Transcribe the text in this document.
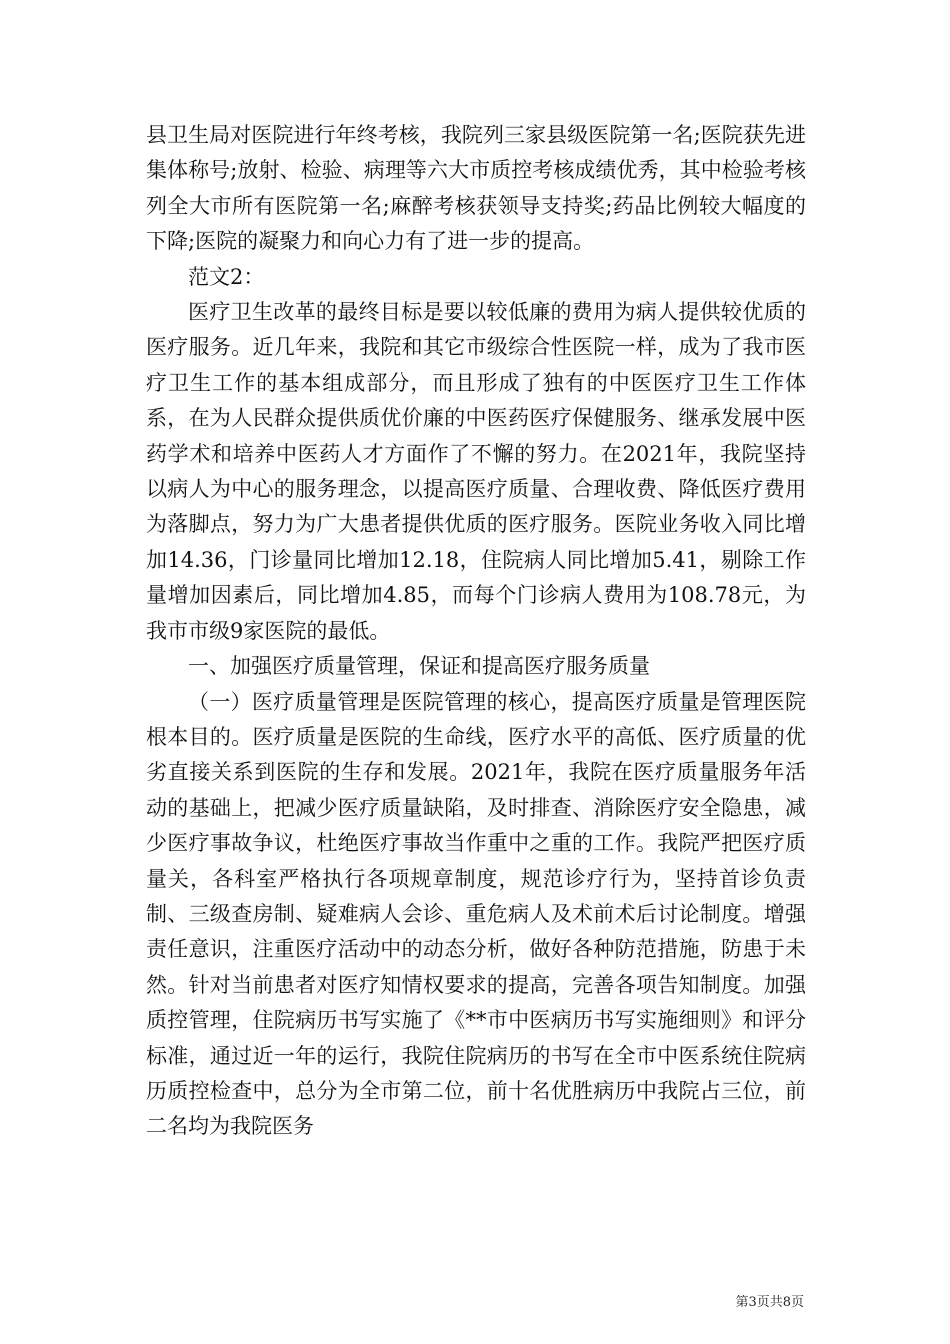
县卫生局对医院进行年终考核，我院列三家县级医院第一名;医院获先进集体称号;放射、检验、病理等六大市质控考核成绩优秀，其中检验考核列全大市所有医院第一名;麻醉考核获领导支持奖;药品比例较大幅度的下降;医院的凝聚力和向心力有了进一步的提高。

范文2：

医疗卫生改革的最终目标是要以较低廉的费用为病人提供较优质的医疗服务。近几年来，我院和其它市级综合性医院一样，成为了我市医疗卫生工作的基本组成部分，而且形成了独有的中医医疗卫生工作体系，在为人民群众提供质优价廉的中医药医疗保健服务、继承发展中医药学术和培养中医药人才方面作了不懈的努力。在2021年，我院坚持以病人为中心的服务理念，以提高医疗质量、合理收费、降低医疗费用为落脚点，努力为广大患者提供优质的医疗服务。医院业务收入同比增加14.36，门诊量同比增加12.18，住院病人同比增加5.41，剔除工作量增加因素后，同比增加4.85，而每个门诊病人费用为108.78元，为我市市级9家医院的最低。

一、加强医疗质量管理，保证和提高医疗服务质量

（一）医疗质量管理是医院管理的核心，提高医疗质量是管理医院根本目的。医疗质量是医院的生命线，医疗水平的高低、医疗质量的优劣直接关系到医院的生存和发展。2021年，我院在医疗质量服务年活动的基础上，把减少医疗质量缺陷，及时排查、消除医疗安全隐患，减少医疗事故争议，杜绝医疗事故当作重中之重的工作。我院严把医疗质量关，各科室严格执行各项规章制度，规范诊疗行为，坚持首诊负责制、三级查房制、疑难病人会诊、重危病人及术前术后讨论制度。增强责任意识，注重医疗活动中的动态分析，做好各种防范措施，防患于未然。针对当前患者对医疗知情权要求的提高，完善各项告知制度。加强质控管理，住院病历书写实施了《**市中医病历书写实施细则》和评分标准，通过近一年的运行，我院住院病历的书写在全市中医系统住院病历质控检查中，总分为全市第二位，前十名优胜病历中我院占三位，前二名均为我院医务

第3页共8页
